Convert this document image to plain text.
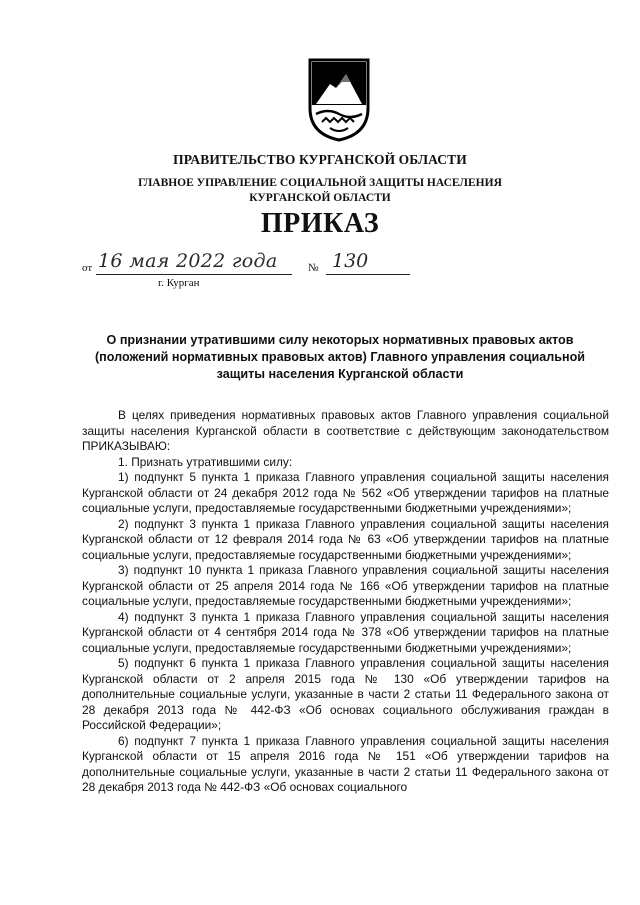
ПРАВИТЕЛЬСТВО КУРГАНСКОЙ ОБЛАСТИ
ГЛАВНОЕ УПРАВЛЕНИЕ СОЦИАЛЬНОЙ ЗАЩИТЫ НАСЕЛЕНИЯ
КУРГАНСКОЙ ОБЛАСТИ
ПРИКАЗ
от 16 мая 2022 года	№ 130
г. Курган
О признании утратившими силу некоторых нормативных правовых актов (положений нормативных правовых актов) Главного управления социальной защиты населения Курганской области

В целях приведения нормативных правовых актов Главного управления социальной защиты населения Курганской области в соответствие с действующим законодательством ПРИКАЗЫВАЮ:

1. Признать утратившими силу:

1) подпункт 5 пункта 1 приказа Главного управления социальной защиты населения Курганской области от 24 декабря 2012 года № 562 «Об утверждении тарифов на платные социальные услуги, предоставляемые государственными бюджетными учреждениями»;

2) подпункт 3 пункта 1 приказа Главного управления социальной защиты населения Курганской области от 12 февраля 2014 года № 63 «Об утверждении тарифов на платные социальные услуги, предоставляемые государственными бюджетными учреждениями»;

3) подпункт 10 пункта 1 приказа Главного управления социальной защиты населения Курганской области от 25 апреля 2014 года № 166 «Об утверждении тарифов на платные социальные услуги, предоставляемые государственными бюджетными учреждениями»;

4) подпункт 3 пункта 1 приказа Главного управления социальной защиты населения Курганской области от 4 сентября 2014 года № 378 «Об утверждении тарифов на платные социальные услуги, предоставляемые государственными бюджетными учреждениями»;

5) подпункт 6 пункта 1 приказа Главного управления социальной защиты населения Курганской области от 2 апреля 2015 года № 130 «Об утверждении тарифов на дополнительные социальные услуги, указанные в части 2 статьи 11 Федерального закона от 28 декабря 2013 года № 442-ФЗ «Об основах социального обслуживания граждан в Российской Федерации»;

6) подпункт 7 пункта 1 приказа Главного управления социальной защиты населения Курганской области от 15 апреля 2016 года № 151 «Об утверждении тарифов на дополнительные социальные услуги, указанные в части 2 статьи 11 Федерального закона от 28 декабря 2013 года № 442-ФЗ «Об основах социального
